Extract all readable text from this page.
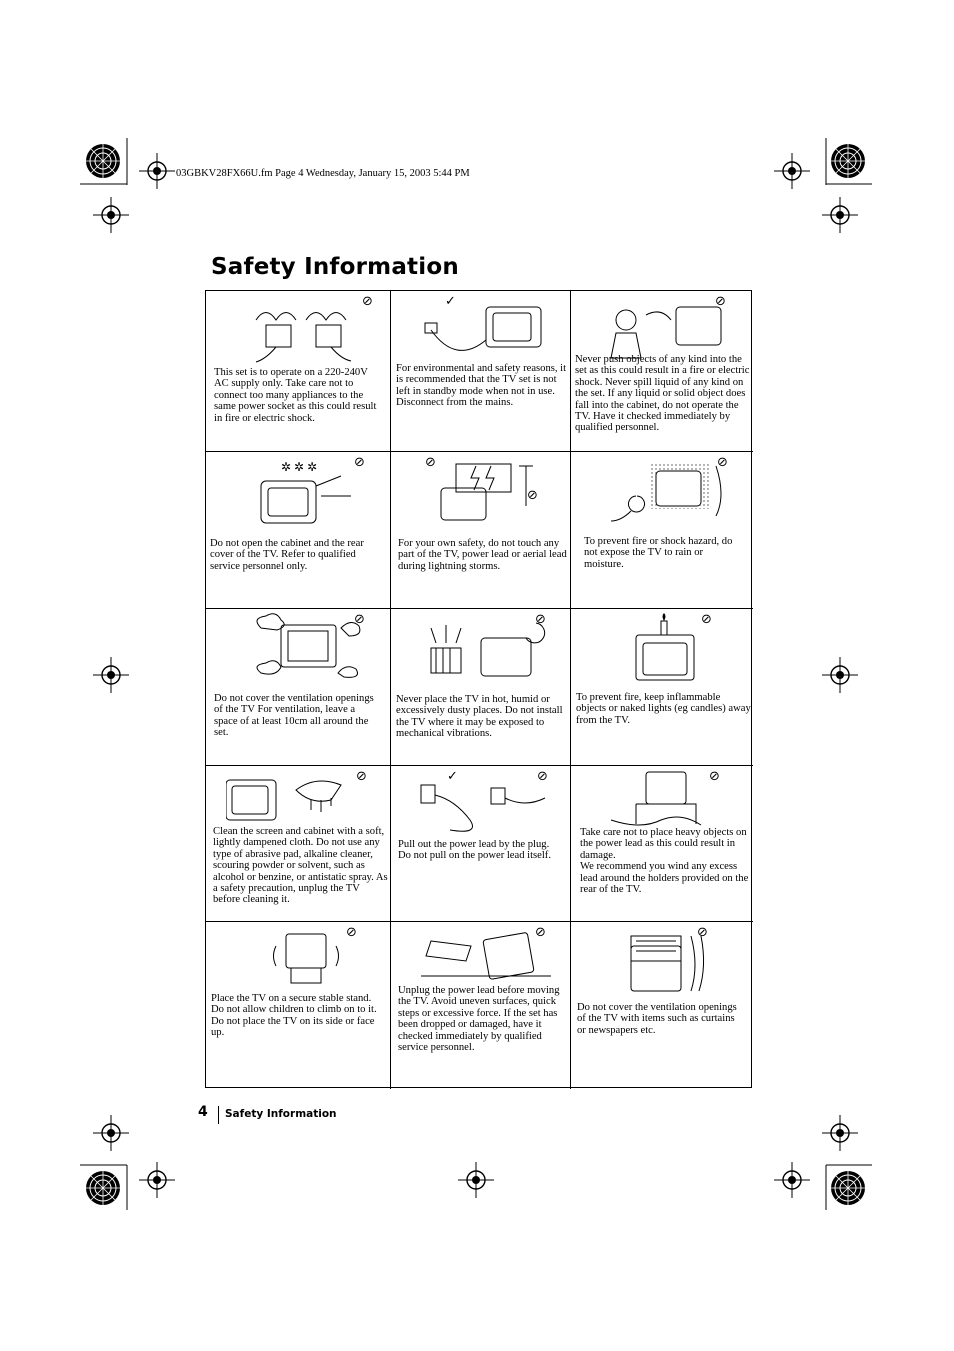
03GBKV28FX66U.fm Page 4 Wednesday, January 15, 2003 5:44 PM
Safety Information
⊘
This set is to operate on a 220-240V AC supply only. Take care not to connect too many appliances to the same power socket as this could result in fire or electric shock.
✓
For environmental and safety reasons, it is recommended that the TV set is not left in standby mode when not in use. Disconnect from the mains.
⊘
Never push objects of any kind into the set as this could result in a fire or electric shock. Never spill liquid of any kind on the set. If any liquid or solid object does fall into the cabinet, do not operate the TV. Have it checked immediately by qualified personnel.
✲ ✲ ✲	⊘
Do not open the cabinet and the rear cover of the TV. Refer to qualified service personnel only.
⊘
⊘
For your own safety, do not touch any part of the TV, power lead or aerial lead during lightning storms.
⊘
To prevent fire or shock hazard, do not expose the TV to rain or moisture.
⊘
Do not cover the ventilation openings of the TV For ventilation, leave a space of at least 10cm all around the set.
⊘
Never place the TV in hot, humid or excessively dusty places. Do not install the TV where it may be exposed to mechanical vibrations.
⊘
To prevent fire, keep inflammable objects or naked lights (eg candles) away from the TV.
⊘
Clean the screen and cabinet with a soft, lightly dampened cloth. Do not use any type of abrasive pad, alkaline cleaner, scouring powder or solvent, such as alcohol or benzine, or antistatic spray. As a safety precaution, unplug the TV before cleaning it.
✓	⊘
Pull out the power lead by the plug. Do not pull on the power lead itself.
⊘
Take care not to place heavy objects on the power lead as this could result in damage.
We recommend you wind any excess lead around the holders provided on the rear of the TV.
⊘
Place the TV on a secure stable stand. Do not allow children to climb on to it. Do not place the TV on its side or face up.
⊘
Unplug the power lead before moving the TV. Avoid uneven surfaces, quick steps or excessive force. If the set has been dropped or damaged, have it checked immediately by qualified service personnel.
⊘
Do not cover the ventilation openings of the TV with items such as curtains or newspapers etc.
4 Safety Information
